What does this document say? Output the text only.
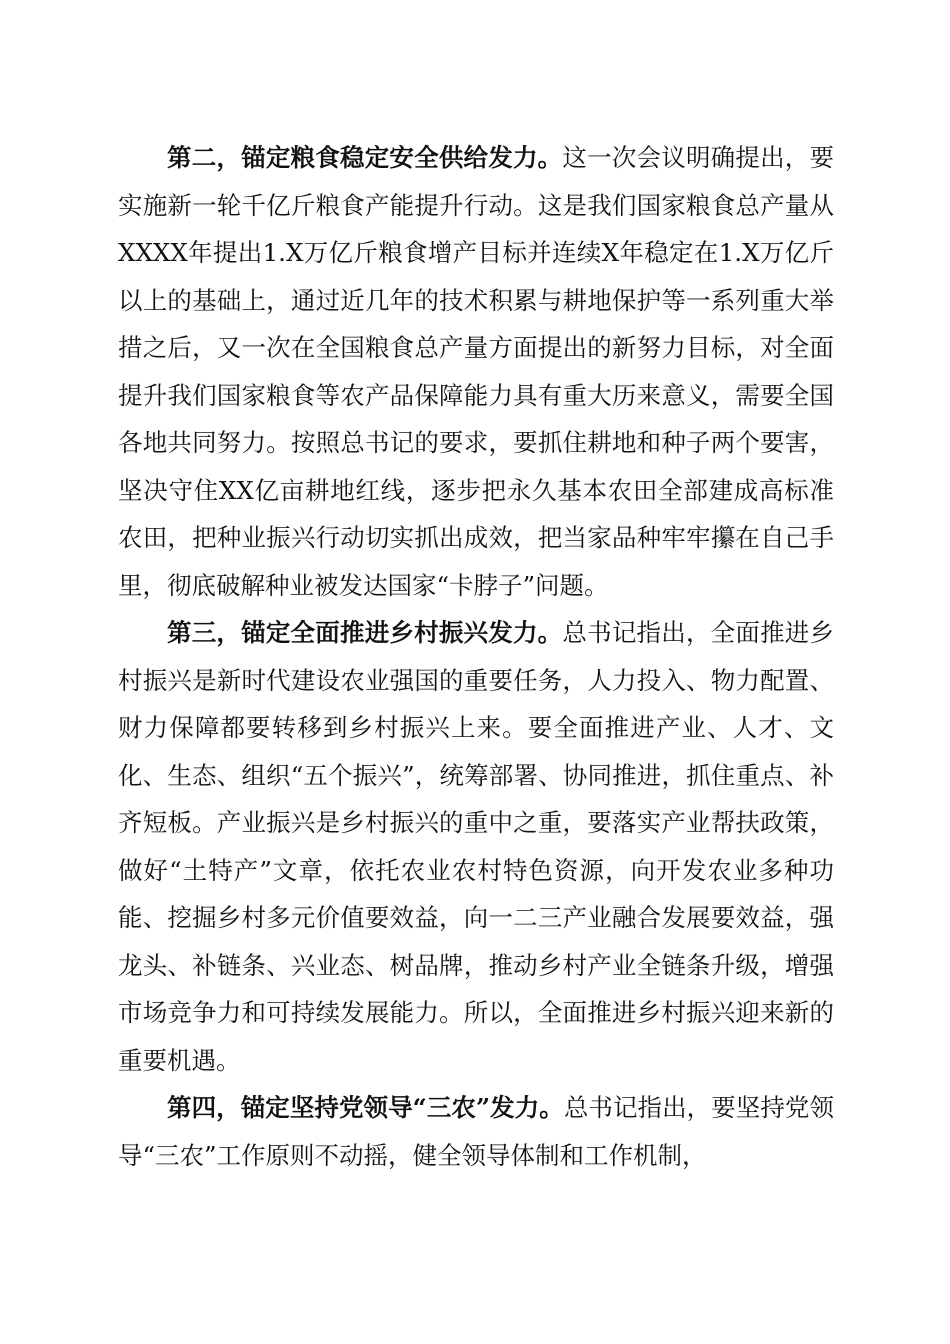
第二，锚定粮食稳定安全供给发力。这一次会议明确提出，要实施新一轮千亿斤粮食产能提升行动。这是我们国家粮食总产量从XXXX年提出1.X万亿斤粮食增产目标并连续X年稳定在1.X万亿斤以上的基础上，通过近几年的技术积累与耕地保护等一系列重大举措之后，又一次在全国粮食总产量方面提出的新努力目标，对全面提升我们国家粮食等农产品保障能力具有重大历来意义，需要全国各地共同努力。按照总书记的要求，要抓住耕地和种子两个要害，坚决守住XX亿亩耕地红线，逐步把永久基本农田全部建成高标准农田，把种业振兴行动切实抓出成效，把当家品种牢牢攥在自己手里，彻底破解种业被发达国家“卡脖子”问题。

第三，锚定全面推进乡村振兴发力。总书记指出，全面推进乡村振兴是新时代建设农业强国的重要任务，人力投入、物力配置、财力保障都要转移到乡村振兴上来。要全面推进产业、人才、文化、生态、组织“五个振兴”，统筹部署、协同推进，抓住重点、补齐短板。产业振兴是乡村振兴的重中之重，要落实产业帮扶政策，做好“土特产”文章，依托农业农村特色资源，向开发农业多种功能、挖掘乡村多元价值要效益，向一二三产业融合发展要效益，强龙头、补链条、兴业态、树品牌，推动乡村产业全链条升级，增强市场竞争力和可持续发展能力。所以，全面推进乡村振兴迎来新的重要机遇。

第四，锚定坚持党领导“三农”发力。总书记指出，要坚持党领导“三农”工作原则不动摇，健全领导体制和工作机制，
